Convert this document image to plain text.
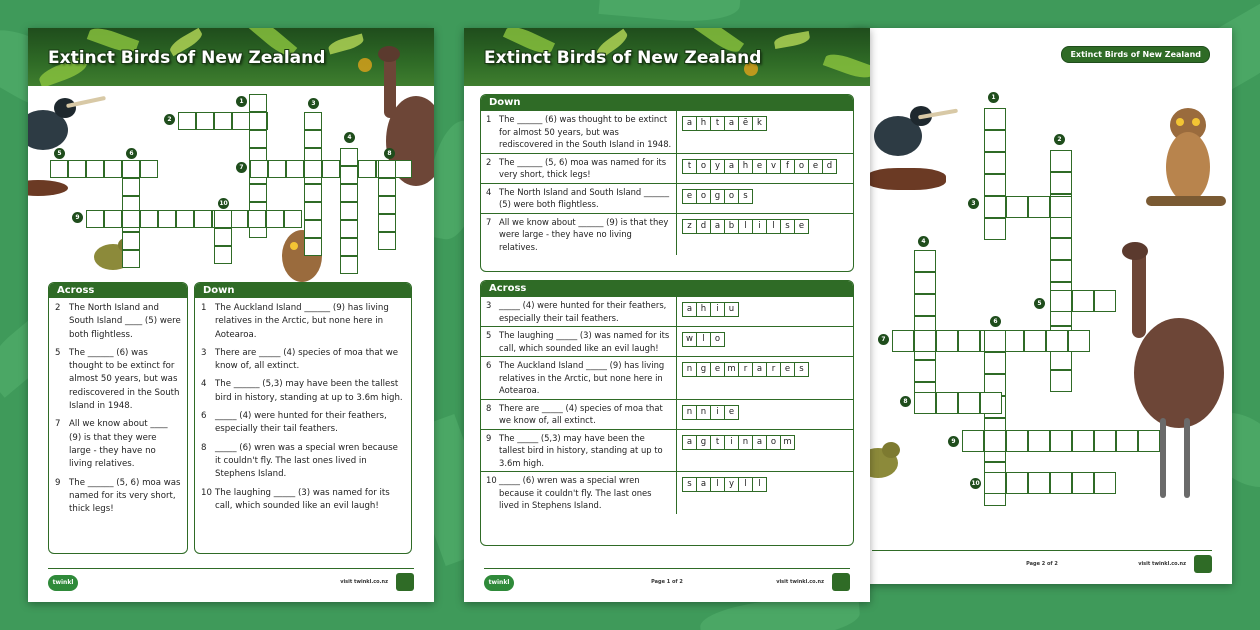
Extinct Birds of New Zealand
1
2
3
4
5
6
7
8
9
10
Page 2 of 2	visit twinkl.co.nz
Extinct Birds of New Zealand
1
2
3
4
5	6
7
8
9
10
Across
2 The North Island and South Island ____ (5) were both flightless.
5 The ______ (6) was thought to be extinct for almost 50 years, but was rediscovered in the South Island in 1948.
7 All we know about ____ (9) is that they were large - they have no living relatives.
9 The ______ (5, 6) moa was named for its very short, thick legs!
Down
1 The Auckland Island ______ (9) has living relatives in the Arctic, but none here in Aotearoa.
3 There are _____ (4) species of moa that we know of, all extinct.
4 The ______ (5,3) may have been the tallest bird in history, standing at up to 3.6m high.
6 _____ (4) were hunted for their feathers, especially their tail feathers.
8 _____ (6) wren was a special wren because it couldn't fly. The last ones lived in Stephens Island.
10 The laughing _____ (3) was named for its call, which sounded like an evil laugh!
twinkl	visit twinkl.co.nz
Extinct Birds of New Zealand
Down
1 The ______ (6) was thought to be extinct for almost 50 years, but was rediscovered in the South Island in 1948.
a	h	t	a	ē	k
2 The ______ (5, 6) moa was named for its very short, thick legs!
t	o	y	a	h	e	v	f	o	e	d
4 The North Island and South Island ______ (5) were both flightless.
e	o	g	o	s
7 All we know about ______ (9) is that they were large - they have no living relatives.
z	d	a	b	l	i	l	s	e
Across
3 _____ (4) were hunted for their feathers, especially their tail feathers.
a	h	i	u
5 The laughing _____ (3) was named for its call, which sounded like an evil laugh!
w	l	o
6 The Auckland Island _____ (9) has living relatives in the Arctic, but none here in Aotearoa.
n	g	e m r	a	r	e	s
8 There are _____ (4) species of moa that we know of, all extinct.
n	n	i	e
9 The _____ (5,3) may have been the tallest bird in history, standing at up to 3.6m high.
a	g	t	i	n	a	o m
10 _____ (6) wren was a special wren because it couldn't fly. The last ones lived in Stephens Island.
s	a	l	y	l	l
twinkl	Page 1 of 2	visit twinkl.co.nz
